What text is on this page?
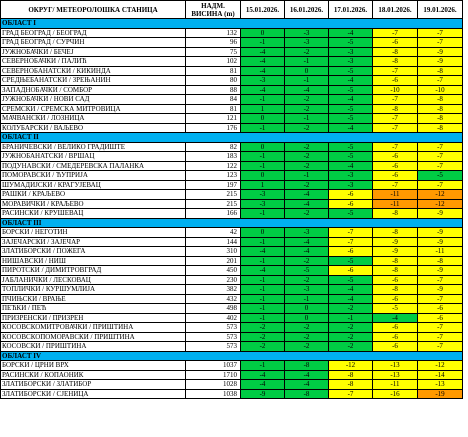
ОКРУГ/ МЕТЕОРОЛОШКА СТАНИЦА	НАДМ. ВИСИНА (m)	15.01.2026.	16.01.2026.	17.01.2026.	18.01.2026.	19.01.2026.
ОБЛАСТ I						
ГРАД БЕОГРАД / БЕОГРАД	132	0	-3	-4	-7	-7
ГРАД БЕОГРАД / СУРЧИН	96	-1	-3	-5	-6	-7
ЈУЖНОБАЧКИ / БЕЧЕЈ	75	-4	-2	-3	-8	-9
СЕВЕРНОБАЧКИ / ПАЛИЋ	102	-4	-1	-3	-8	-9
СЕВЕРНОБАНАТСКИ / КИКИНДА	81	-4	0	-5	-7	-8
СРЕДЊЕБАНАТСКИ / ЗРЕЊАНИН	80	-3	-1	-4	-6	-7
ЗАПАДНОБАЧКИ / СОМБОР	88	-4	-4	-5	-10	-10
ЈУЖНОБАЧКИ / НОВИ САД	84	-1	-2	-4	-7	-8
СРЕМСКИ / СРЕМСКА МИТРОВИЦА	81	1	-2	-5	-8	-8
МАЧВАНСКИ / ЛОЗНИЦА	121	0	-1	-5	-7	-8
КОЛУБАРСКИ / ВАЉЕВО	176	-1	-2	-4	-7	-8
ОБЛАСТ II						
БРАНИЧЕВСКИ / ВЕЛИКО ГРАДИШТЕ	82	0	-2	-5	-7	-7
ЈУЖНОБАНАТСКИ / ВРШАЦ	183	-1	-2	-5	-6	-7
ПОДУНАВСКИ / СМЕДЕРЕВСКА ПАЛАНКА	122	-1	-2	-4	-6	-7
ПОМОРАВСКИ / ЋУПРИЈА	123	0	-1	-3	-6	-5
ШУМАДИЈСКИ / КРАГУЈЕВАЦ	197	1	-2	-3	-7	-7
РАШКИ / КРАЉЕВО	215	-3	-4	-6	-11	-12
МОРАВИЧКИ / КРАЉЕВО	215	-3	-4	-6	-11	-12
РАСИНСКИ / КРУШЕВАЦ	166	-1	-2	-5	-8	-9
ОБЛАСТ III						
БОРСКИ / НЕГОТИН	42	0	-3	-7	-8	-9
ЗАЈЕЧАРСКИ / ЗАЈЕЧАР	144	-1	-4	-7	-9	-9
ЗЛАТИБОРСКИ / ПОЖЕГА	310	-4	-4	-6	-9	-11
НИШАВСКИ / НИШ	201	-1	-2	-5	-8	-8
ПИРОТСКИ / ДИМИТРОВГРАД	450	-4	-5	-6	-8	-9
ЈАБЛАНИЧКИ / ЛЕСКОВАЦ	230	-1	-2	-5	-6	-7
ТОПЛИЧКИ / КУРШУМЛИЈА	382	-1	-3	-4	-8	-9
ПЧИЊСКИ / ВРАЊЕ	432	-1	-1	-4	-6	-7
ПЕЋКИ / ПЕЋ	498	-1	0	-2	-5	-6
ПРИЗРЕНСКИ / ПРИЗРЕН	402	-1	0	-1	-4	-6
КОСОВСКОМИТРОВАЧКИ / ПРИШТИНА	573	-2	-2	-2	-6	-7
КОСОВСКОПОМОРАВСКИ / ПРИШТИНА	573	-2	-2	-2	-6	-7
КОСОВСКИ / ПРИШТИНА	573	-2	-2	-2	-6	-7
ОБЛАСТ IV						
БОРСКИ / ЦРНИ ВРХ	1037	-1	-8	-12	-13	-12
РАСИНСКИ / КОПАОНИК	1710	-4	-4	-8	-13	-14
ЗЛАТИБОРСКИ / ЗЛАТИБОР	1028	-4	-4	-8	-11	-13
ЗЛАТИБОРСКИ / СЈЕНИЦА	1038	-9	-8	-7	-16	-19
